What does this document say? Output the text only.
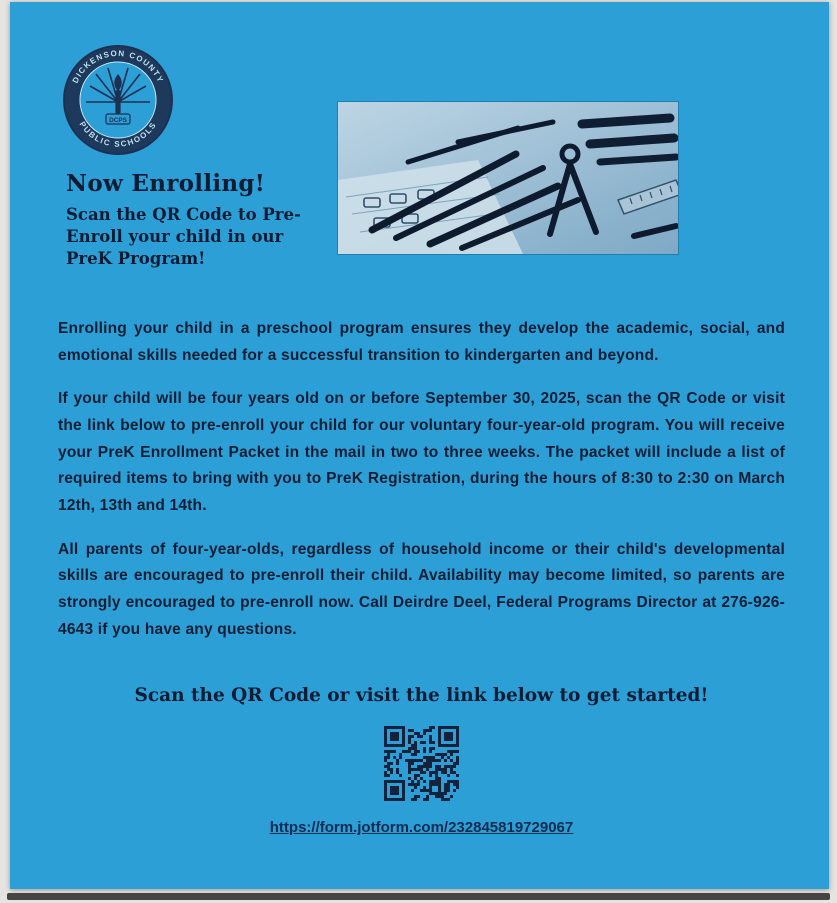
DICKENSON COUNTY
PUBLIC SCHOOLS
DCPS
Now Enrolling!
Scan the QR Code to Pre-Enroll your child in our PreK Program!

Enrolling your child in a preschool program ensures they develop the academic, social, and emotional skills needed for a successful transition to kindergarten and beyond.

If your child will be four years old on or before September 30, 2025, scan the QR Code or visit the link below to pre-enroll your child for our voluntary four-year-old program. You will receive your PreK Enrollment Packet in the mail in two to three weeks. The packet will include a list of required items to bring with you to PreK Registration, during the hours of 8:30 to 2:30 on March 12th, 13th and 14th.

All parents of four-year-olds, regardless of household income or their child's developmental skills are encouraged to pre-enroll their child. Availability may become limited, so parents are strongly encouraged to pre-enroll now. Call Deirdre Deel, Federal Programs Director at 276-926-4643 if you have any questions.

Scan the QR Code or visit the link below to get started!
https://form.jotform.com/232845819729067
